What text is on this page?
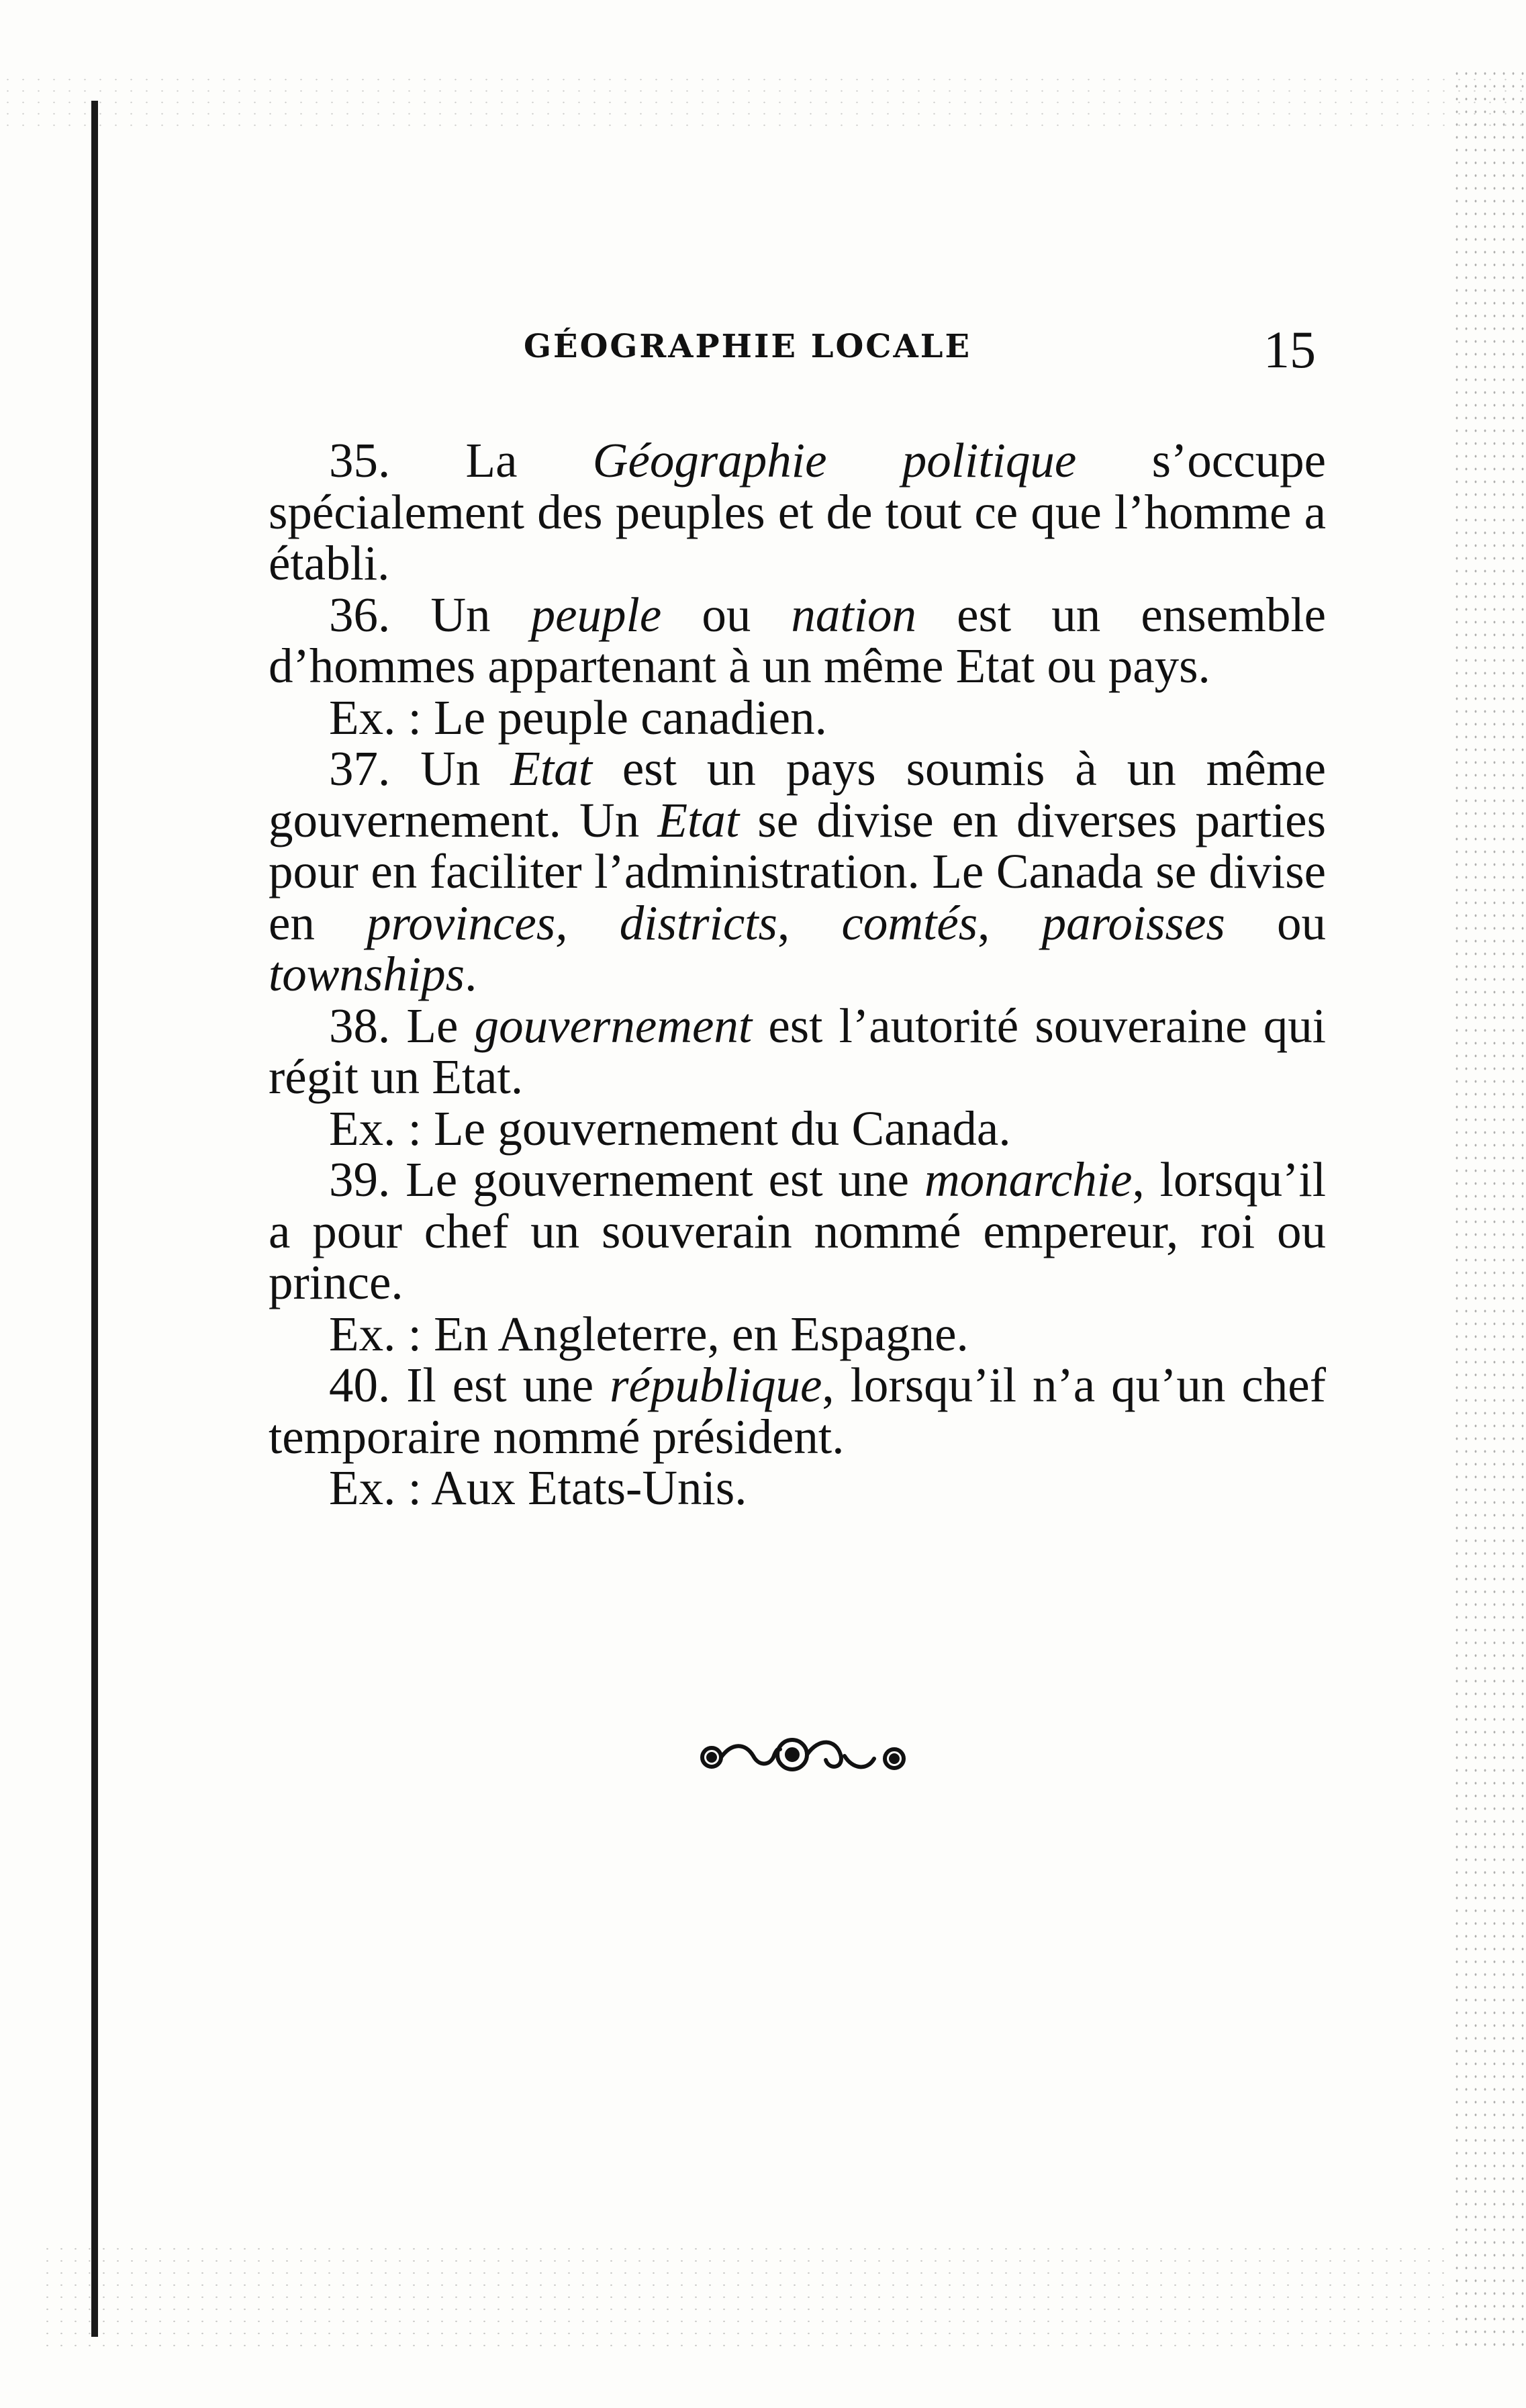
GÉOGRAPHIE LOCALE	15

35. La Géographie politique s’occupe spécialement des peuples et de tout ce que l’homme a établi.

36. Un peuple ou nation est un ensemble d’hommes appartenant à un même Etat ou pays.

Ex. : Le peuple canadien.

37. Un Etat est un pays soumis à un même gouvernement. Un Etat se divise en diverses parties pour en faciliter l’administration. Le Canada se divise en provinces, districts, comtés, paroisses ou townships.

38. Le gouvernement est l’autorité souveraine qui régit un Etat.

Ex. : Le gouvernement du Canada.

39. Le gouvernement est une monarchie, lorsqu’il a pour chef un souverain nommé empereur, roi ou prince.

Ex. : En Angleterre, en Espagne.

40. Il est une république, lorsqu’il n’a qu’un chef temporaire nommé président.

Ex. : Aux Etats-Unis.
